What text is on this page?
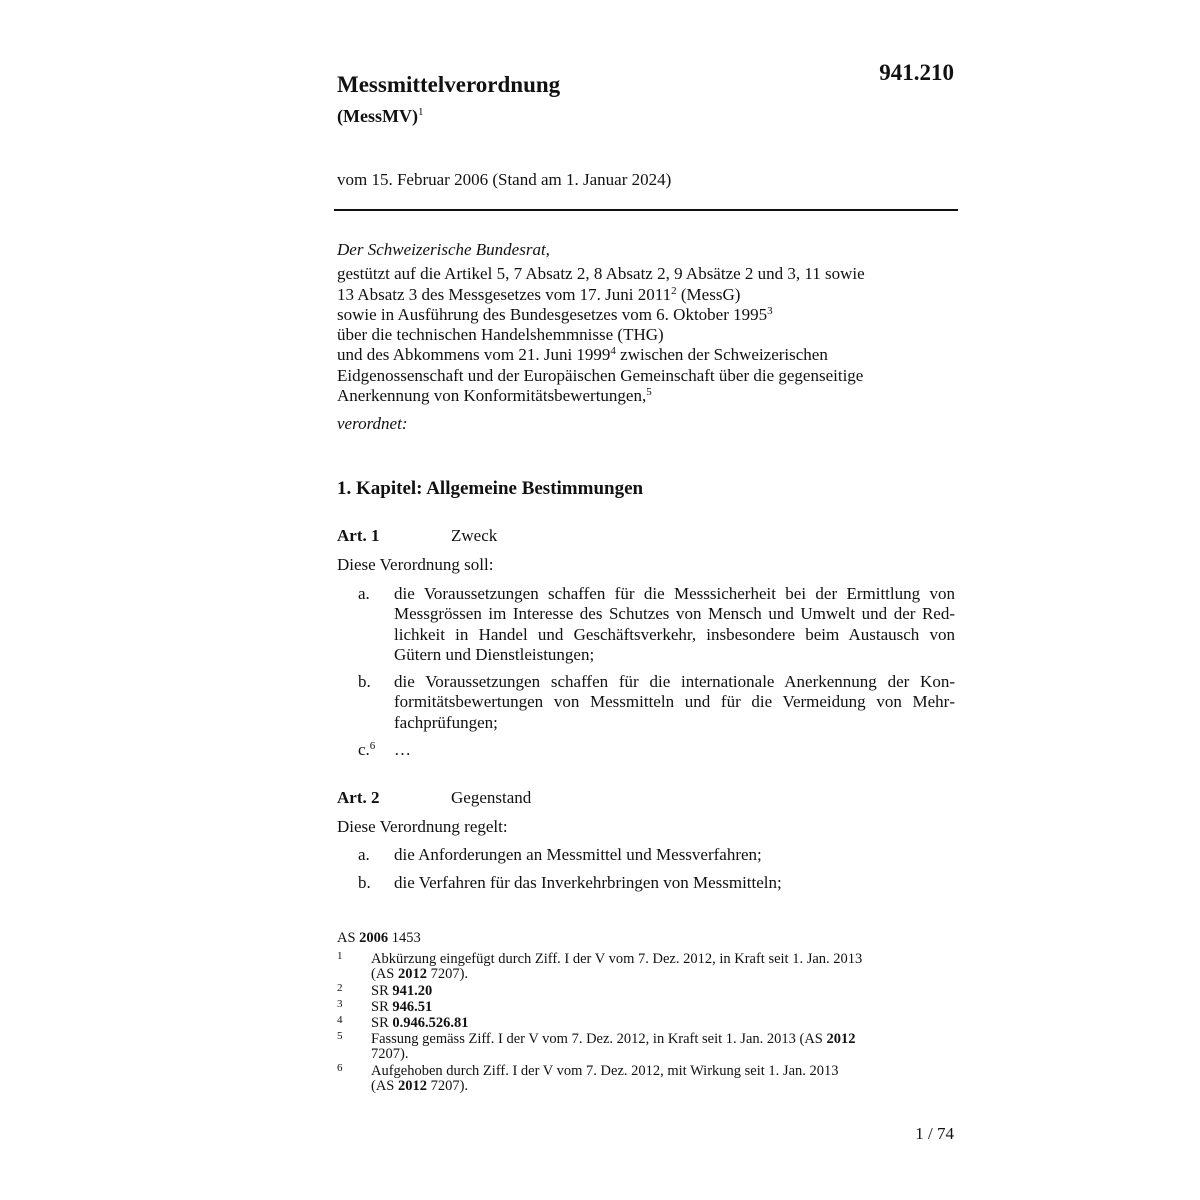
941.210
Messmittelverordnung
(MessMV)$^1$
vom 15. Februar 2006 (Stand am 1. Januar 2024)
Der Schweizerische Bundesrat,
gestützt auf die Artikel 5, 7 Absatz 2, 8 Absatz 2, 9 Absätze 2 und 3, 11 sowie
13 Absatz 3 des Messgesetzes vom 17. Juni 2011$^2$ (MessG)
sowie in Ausführung des Bundesgesetzes vom 6. Oktober 1995$^3$
über die technischen Handelshemmnisse (THG)
und des Abkommens vom 21. Juni 1999$^4$ zwischen der Schweizerischen
Eidgenossenschaft und der Europäischen Gemeinschaft über die gegenseitige
Anerkennung von Konformitätsbewertungen,$^5$
verordnet:
1. Kapitel: Allgemeine Bestimmungen
Art. 1	Zweck
Diese Verordnung soll:
a. die Voraussetzungen schaffen für die Messsicherheit bei der Ermittlung von Messgrössen im Interesse des Schutzes von Mensch und Umwelt und der Redlichkeit in Handel und Geschäftsverkehr, insbesondere beim Austausch von Gütern und Dienstleistungen;
b. die Voraussetzungen schaffen für die internationale Anerkennung der Konformitätsbewertungen von Messmitteln und für die Vermeidung von Mehrfachprüfungen;
c.$^6$ …
Art. 2	Gegenstand
Diese Verordnung regelt:
a. die Anforderungen an Messmittel und Messverfahren;
b. die Verfahren für das Inverkehrbringen von Messmitteln;
AS 2006 1453
1 Abkürzung eingefügt durch Ziff. I der V vom 7. Dez. 2012, in Kraft seit 1. Jan. 2013
(AS 2012 7207).
2 SR 941.20
3 SR 946.51
4 SR 0.946.526.81
5 Fassung gemäss Ziff. I der V vom 7. Dez. 2012, in Kraft seit 1. Jan. 2013 (AS 2012
7207).
6 Aufgehoben durch Ziff. I der V vom 7. Dez. 2012, mit Wirkung seit 1. Jan. 2013
(AS 2012 7207).
1 / 74
